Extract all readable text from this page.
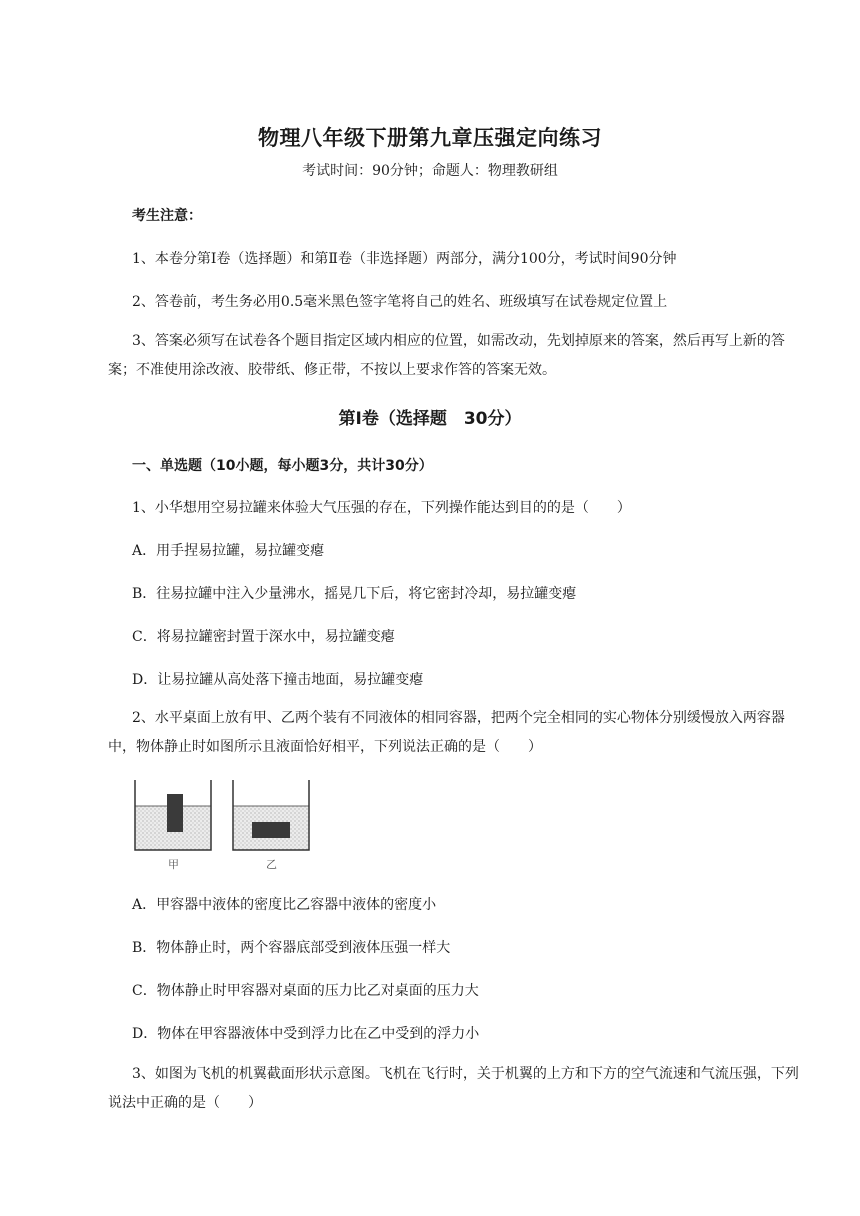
物理八年级下册第九章压强定向练习
考试时间：90分钟；命题人：物理教研组
考生注意：
1、本卷分第Ⅰ卷（选择题）和第Ⅱ卷（非选择题）两部分，满分100分，考试时间90分钟
2、答卷前，考生务必用0.5毫米黑色签字笔将自己的姓名、班级填写在试卷规定位置上
3、答案必须写在试卷各个题目指定区域内相应的位置，如需改动，先划掉原来的答案，然后再写上新的答案；不准使用涂改液、胶带纸、修正带，不按以上要求作答的答案无效。
第Ⅰ卷（选择题　30分）
一、单选题（10小题，每小题3分，共计30分）
1、小华想用空易拉罐来体验大气压强的存在，下列操作能达到目的的是（　　）
A．用手捏易拉罐，易拉罐变瘪
B．往易拉罐中注入少量沸水，摇晃几下后，将它密封冷却，易拉罐变瘪
C．将易拉罐密封置于深水中，易拉罐变瘪
D．让易拉罐从高处落下撞击地面，易拉罐变瘪
2、水平桌面上放有甲、乙两个装有不同液体的相同容器，把两个完全相同的实心物体分别缓慢放入两容器中，物体静止时如图所示且液面恰好相平，下列说法正确的是（　　）
甲	乙
A．甲容器中液体的密度比乙容器中液体的密度小
B．物体静止时，两个容器底部受到液体压强一样大
C．物体静止时甲容器对桌面的压力比乙对桌面的压力大
D．物体在甲容器液体中受到浮力比在乙中受到的浮力小
3、如图为飞机的机翼截面形状示意图。飞机在飞行时，关于机翼的上方和下方的空气流速和气流压强，下列说法中正确的是（　　）
